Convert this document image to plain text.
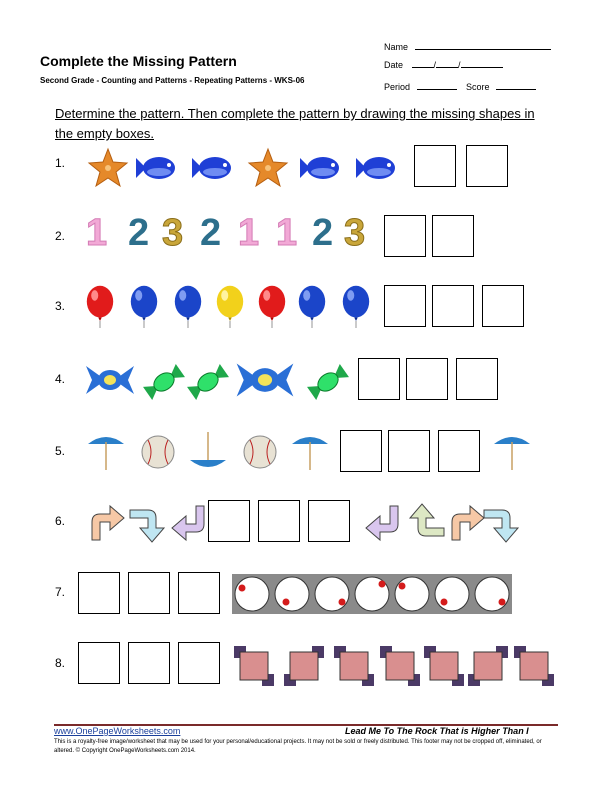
Complete the Missing Pattern
Second Grade - Counting and Patterns - Repeating Patterns - WKS-06
Name
Date	/ /
Period	Score
Determine the pattern. Then complete the pattern by drawing the missing shapes in the empty boxes.
1.
2. 1 2 3 2 1 1 2 3
3.
4.
5.
6.
7.
8.
www.OnePageWorksheets.com	Lead Me To The Rock That is Higher Than I
This is a royalty-free image/worksheet that may be used for your personal/educational projects. It may not be sold or freely distributed. This footer may not be cropped off, eliminated, or altered. © Copyright OnePageWorksheets.com 2014.
